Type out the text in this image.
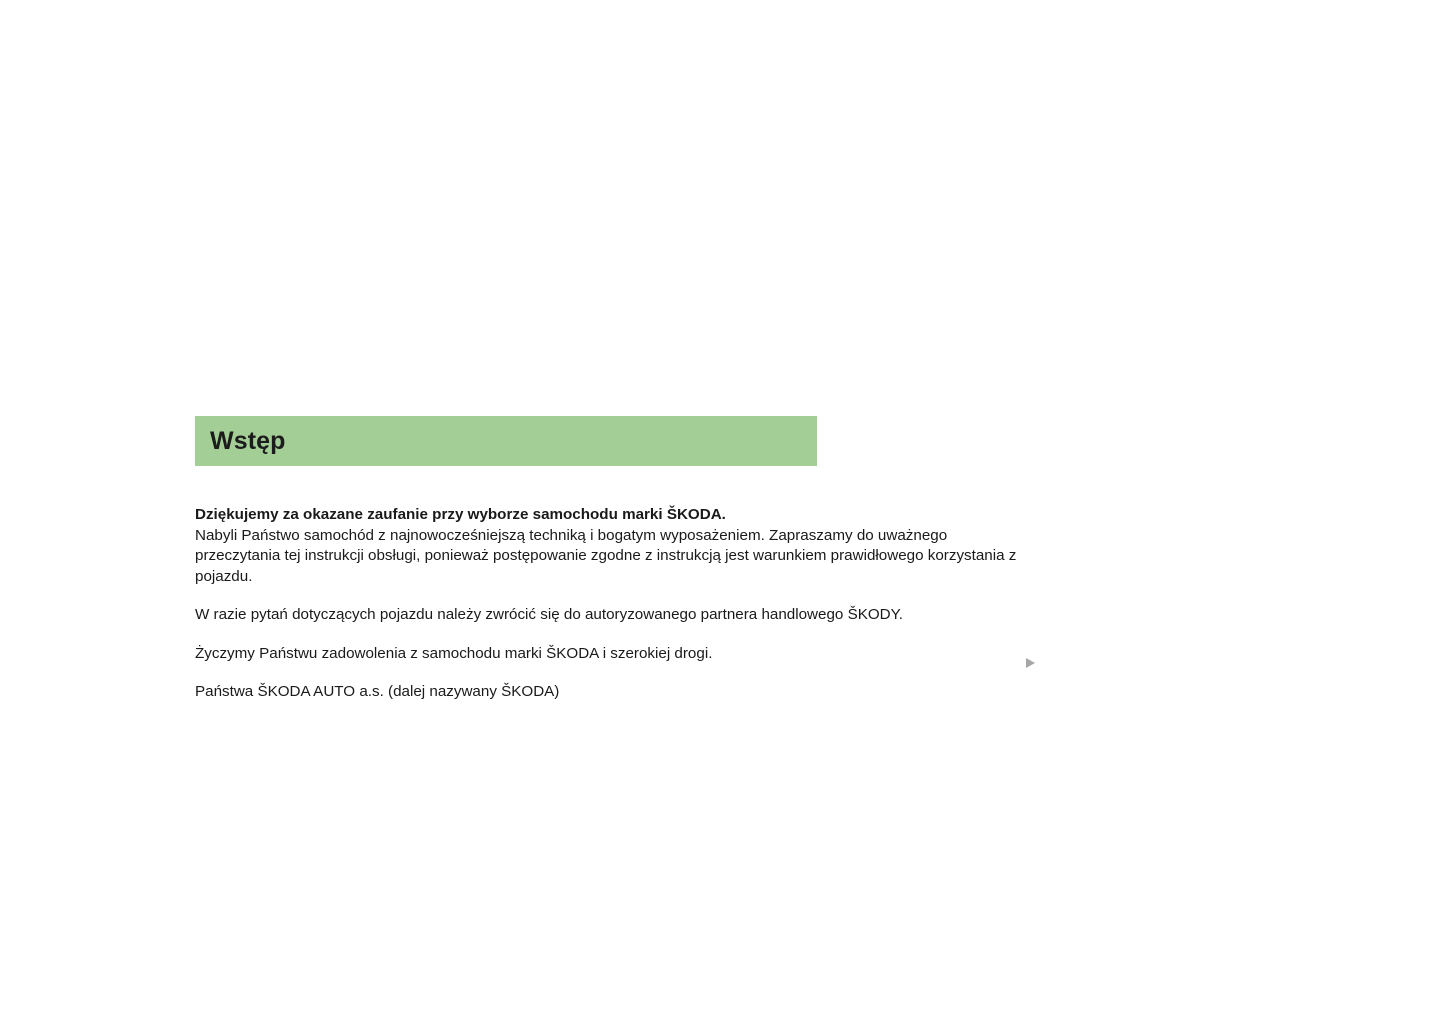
Wstęp

Dziękujemy za okazane zaufanie przy wyborze samochodu marki ŠKODA.

Nabyli Państwo samochód z najnowocześniejszą techniką i bogatym wyposażeniem. Zapraszamy do uważnego przeczytania tej instrukcji obsługi, ponieważ postępowanie zgodne z instrukcją jest warunkiem prawidłowego korzystania z pojazdu.

W razie pytań dotyczących pojazdu należy zwrócić się do autoryzowanego partnera handlowego ŠKODY.

Życzymy Państwu zadowolenia z samochodu marki ŠKODA i szerokiej drogi.

Państwa ŠKODA AUTO a.s. (dalej nazywany ŠKODA)
